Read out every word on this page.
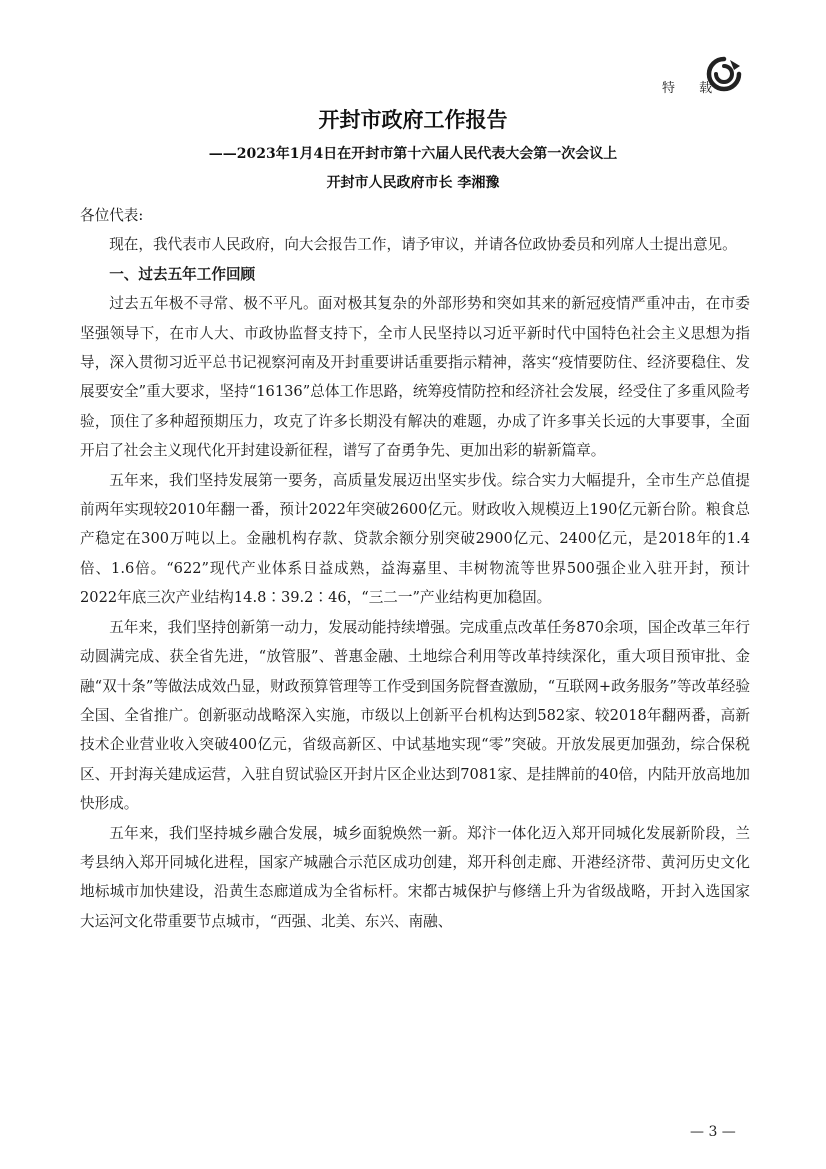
特 载
开封市政府工作报告
——2023年1月4日在开封市第十六届人民代表大会第一次会议上
开封市人民政府市长 李湘豫

各位代表:

现在，我代表市人民政府，向大会报告工作，请予审议，并请各位政协委员和列席人士提出意见。

一、过去五年工作回顾

过去五年极不寻常、极不平凡。面对极其复杂的外部形势和突如其来的新冠疫情严重冲击，在市委坚强领导下，在市人大、市政协监督支持下，全市人民坚持以习近平新时代中国特色社会主义思想为指导，深入贯彻习近平总书记视察河南及开封重要讲话重要指示精神，落实“疫情要防住、经济要稳住、发展要安全”重大要求，坚持“16136”总体工作思路，统筹疫情防控和经济社会发展，经受住了多重风险考验，顶住了多种超预期压力，攻克了许多长期没有解决的难题，办成了许多事关长远的大事要事，全面开启了社会主义现代化开封建设新征程，谱写了奋勇争先、更加出彩的崭新篇章。

五年来，我们坚持发展第一要务，高质量发展迈出坚实步伐。综合实力大幅提升，全市生产总值提前两年实现较2010年翻一番，预计2022年突破2600亿元。财政收入规模迈上190亿元新台阶。粮食总产稳定在300万吨以上。金融机构存款、贷款余额分别突破2900亿元、2400亿元，是2018年的1.4倍、1.6倍。“622”现代产业体系日益成熟，益海嘉里、丰树物流等世界500强企业入驻开封，预计2022年底三次产业结构14.8∶39.2∶46，“三二一”产业结构更加稳固。

五年来，我们坚持创新第一动力，发展动能持续增强。完成重点改革任务870余项，国企改革三年行动圆满完成、获全省先进，“放管服”、普惠金融、土地综合利用等改革持续深化，重大项目预审批、金融“双十条”等做法成效凸显，财政预算管理等工作受到国务院督查激励，“互联网+政务服务”等改革经验全国、全省推广。创新驱动战略深入实施，市级以上创新平台机构达到582家、较2018年翻两番，高新技术企业营业收入突破400亿元，省级高新区、中试基地实现“零”突破。开放发展更加强劲，综合保税区、开封海关建成运营，入驻自贸试验区开封片区企业达到7081家、是挂牌前的40倍，内陆开放高地加快形成。

五年来，我们坚持城乡融合发展，城乡面貌焕然一新。郑汴一体化迈入郑开同城化发展新阶段，兰考县纳入郑开同城化进程，国家产城融合示范区成功创建，郑开科创走廊、开港经济带、黄河历史文化地标城市加快建设，沿黄生态廊道成为全省标杆。宋都古城保护与修缮上升为省级战略，开封入选国家大运河文化带重要节点城市，“西强、北美、东兴、南融、

— 3 —
